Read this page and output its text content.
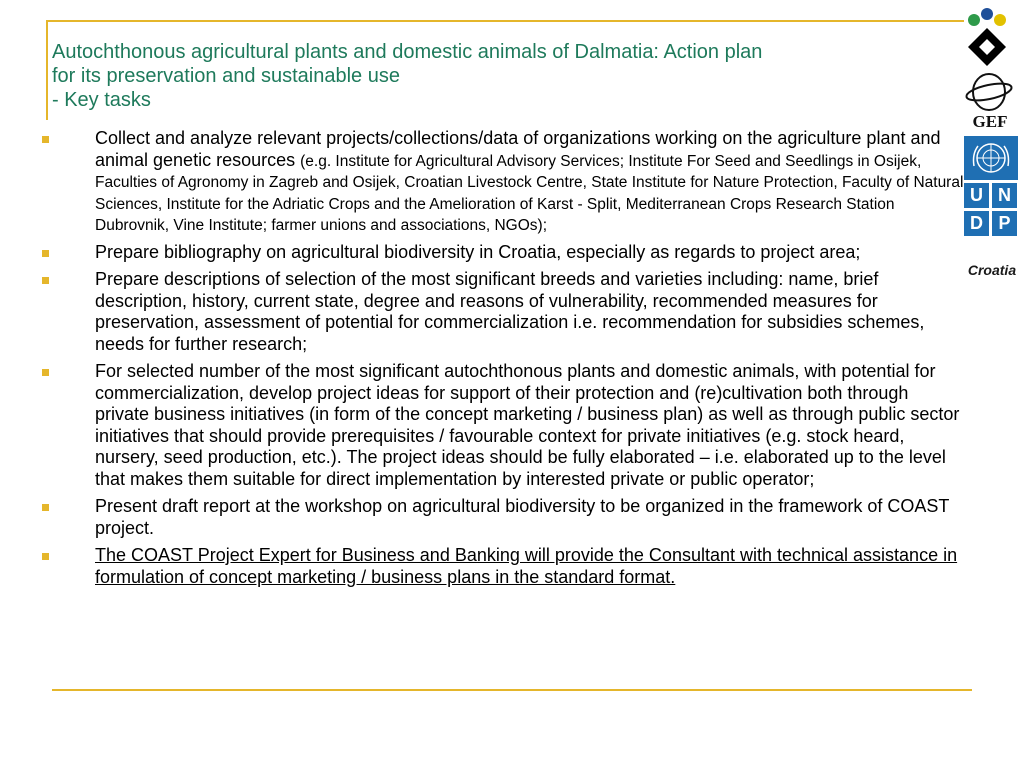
Autochthonous agricultural plants and domestic animals of Dalmatia: Action plan
for its preservation and sustainable use
- Key tasks
Collect and analyze relevant projects/collections/data of organizations working on the agriculture plant and animal genetic resources (e.g. Institute for Agricultural Advisory Services; Institute For Seed and Seedlings in Osijek, Faculties of Agronomy in Zagreb and Osijek, Croatian Livestock Centre, State Institute for Nature Protection, Faculty of Natural Sciences, Institute for the Adriatic Crops and the Amelioration of Karst - Split, Mediterranean Crops Research Station Dubrovnik, Vine Institute; farmer unions and associations, NGOs);
Prepare bibliography on agricultural biodiversity in Croatia, especially as regards to project area;
Prepare descriptions of selection of the most significant breeds and varieties including: name, brief description, history, current state, degree and reasons of vulnerability, recommended measures for preservation, assessment of potential for commercialization i.e. recommendation for subsidies schemes, needs for further research;
For selected number of the most significant autochthonous plants and domestic animals, with potential for commercialization, develop project ideas for support of their protection and (re)cultivation both through private business initiatives (in form of the concept marketing / business plan) as well as through public sector initiatives that should provide prerequisites / favourable context for private initiatives (e.g. stock heard, nursery, seed production, etc.). The project ideas should be fully elaborated – i.e. elaborated up to the level that makes them suitable for direct implementation by interested private or public operator;
Present draft report at the workshop on agricultural biodiversity to be organized in the framework of COAST project.
The COAST Project Expert for Business and Banking will provide the Consultant with technical assistance in formulation of concept marketing / business plans in the standard format.
GEF
U N
D P
Croatia
